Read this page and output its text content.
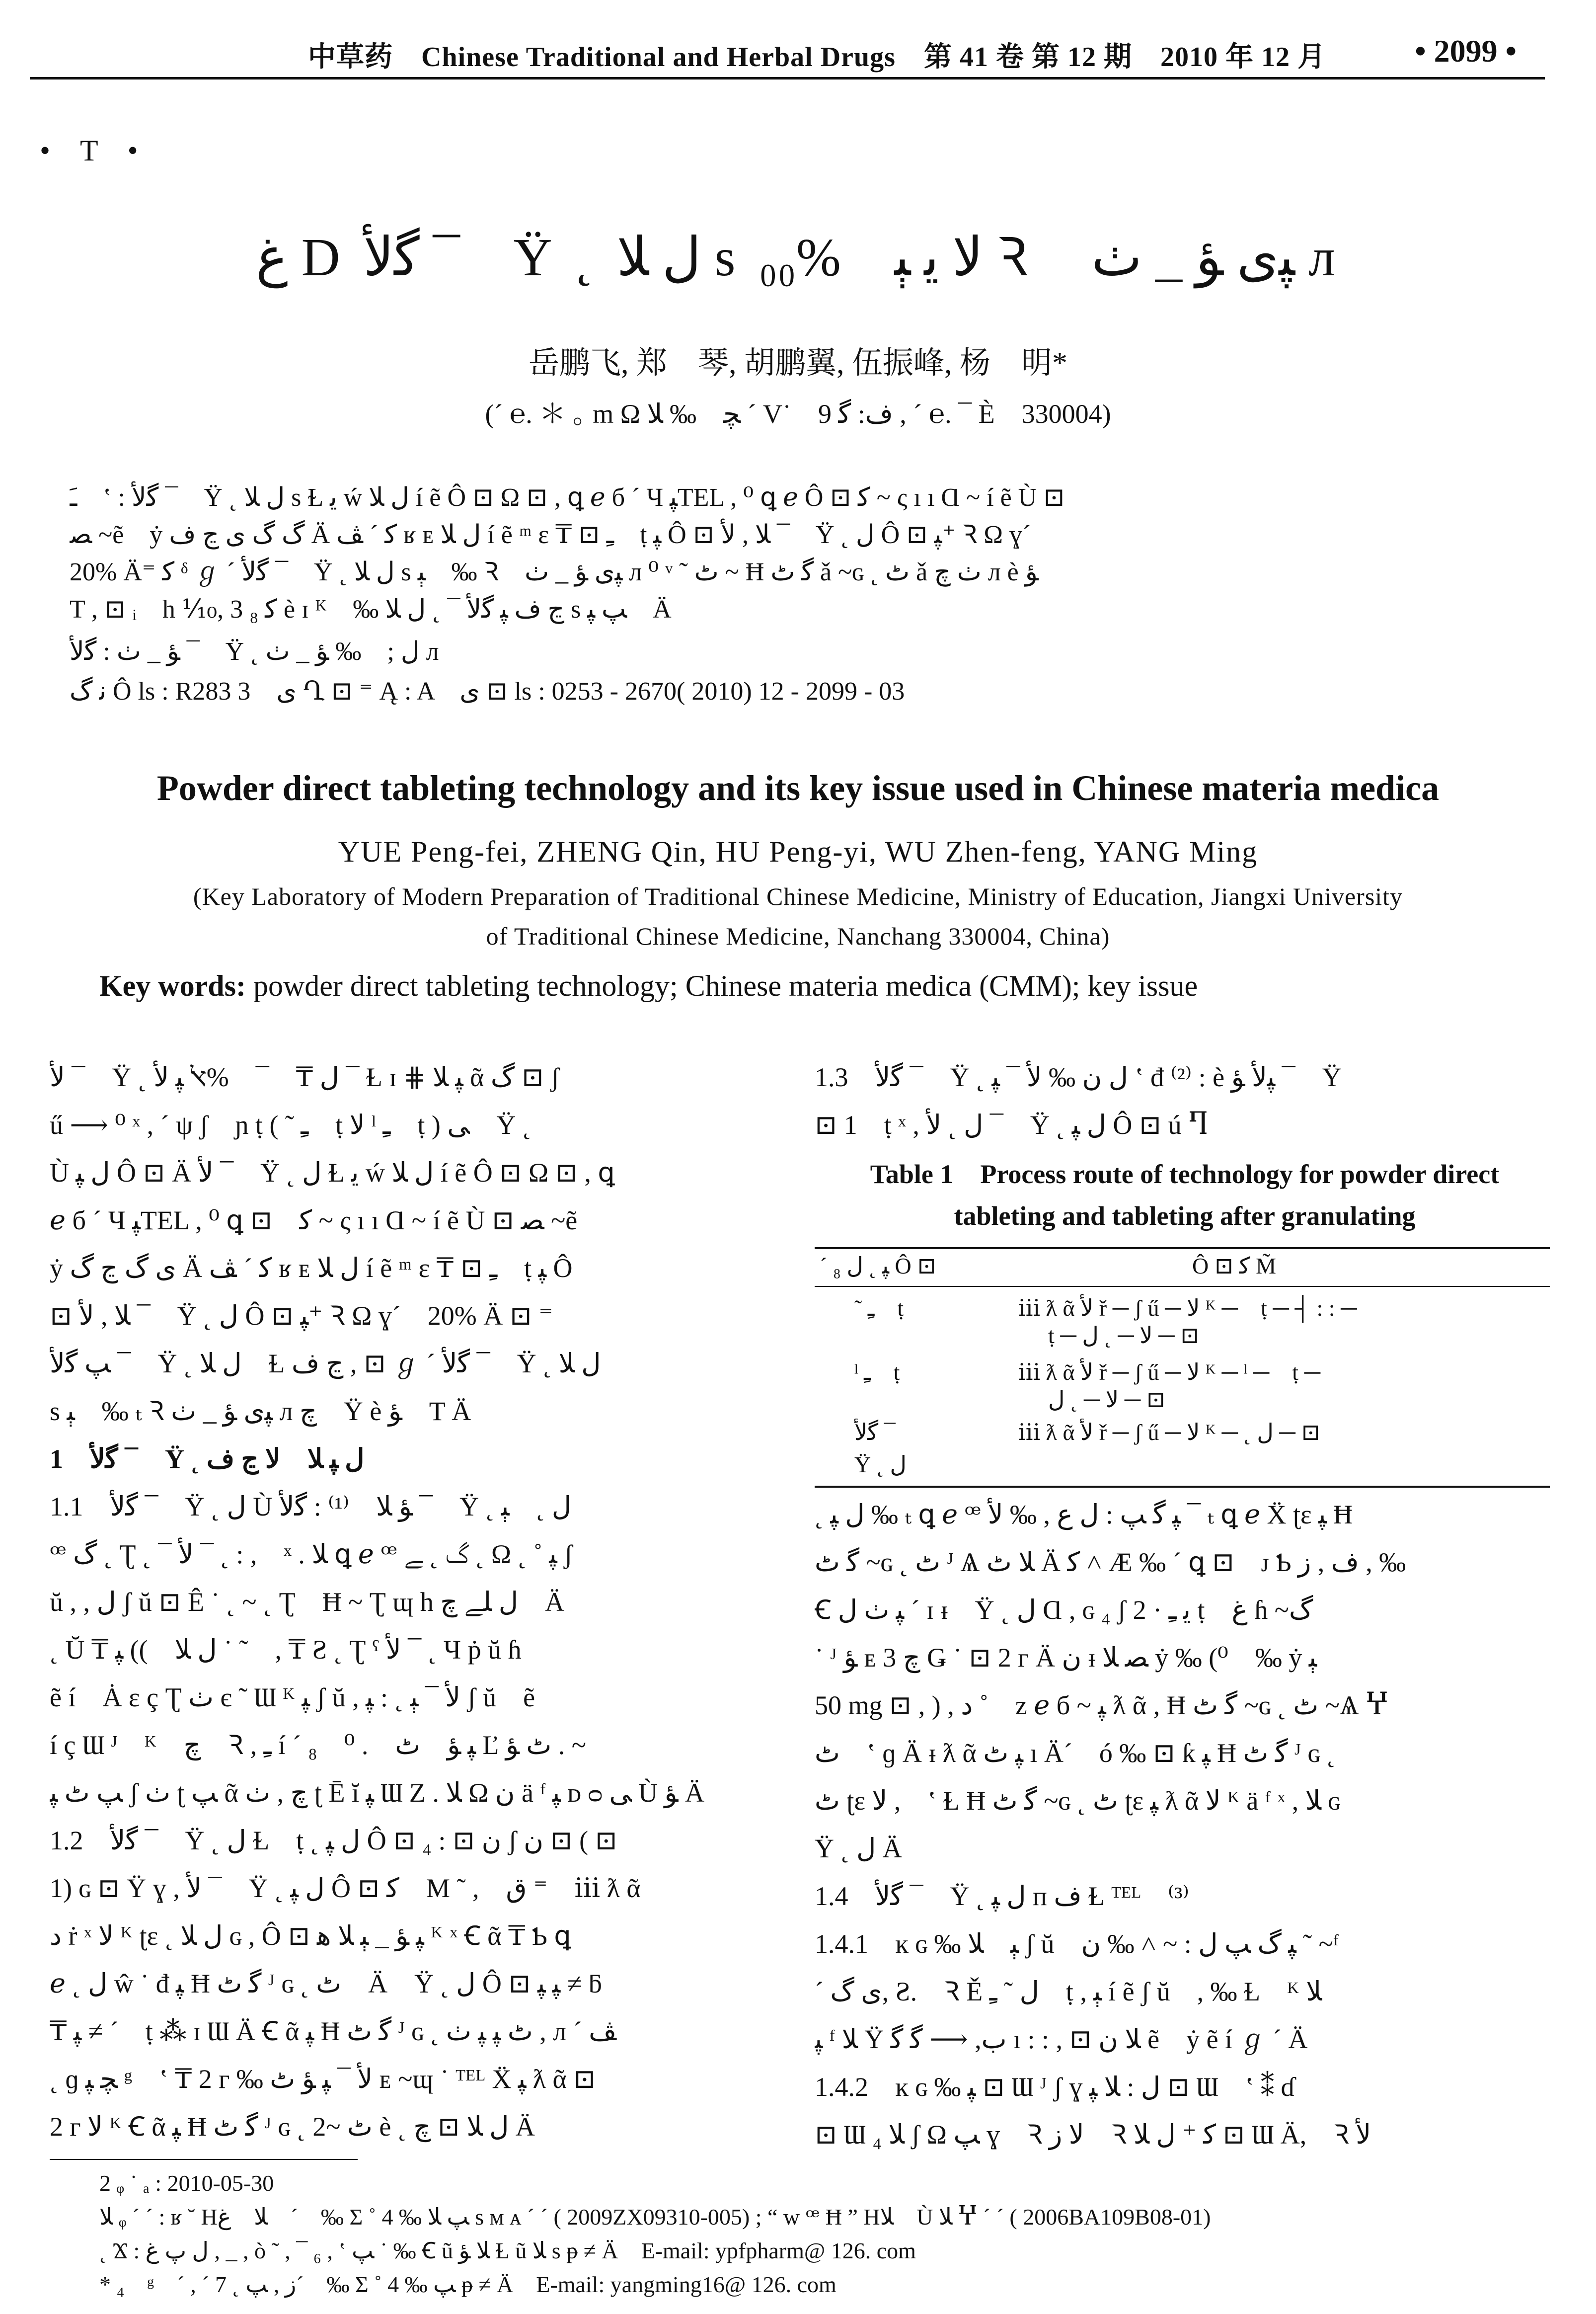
中草药　Chinese Traditional and Herbal Drugs　第 41 卷 第 12 期　2010 年 12 月	• 2099 •
•　T　•
ﻍ D ﮔﻷ ¯　Ÿ ˛ ﻝ ﻼ s ﻻ ﻳ ﭕ　%₀₀ Ꝛ　ﭙﻯ ﺆ _ ﭞ л
岳鹏飞, 郑　琴, 胡鹏翼, 伍振峰, 杨　明*
(´ ℮. ＊ ｡ m Ω ﭽ　‰ ﻼ ´ V˙　ﻑ: ﮔ 9 , ´ ℮. ¯ È　330004)
ﹷ　ʽ : ﮔﻷ ¯　Ÿ ˛ ﻝ ﻼ s Ɫ ﻳ ẃ ﻝ ﻼ í ẽ Ô ⊡ Ω ⊡ , ꝗ ℯ б ´ Ч ﭙTEL , ⁰ ꝗ ℯ Ô ⊡ ﮐ ~ ς ı ı Ɑ ~ í ẽ Ù ⊡
ﺼ ~ẽ　ẏ ﮒ ﮒ ﯼ ﭶ ﻑ Ä ﮐ ´ ﭫ ʁ ᴇ ﻝ ﻼ í ẽ ᵐ ɛ ₸ ⊡ ﹻ　ṭ ﭙ Ô ⊡ ﻼ , ﻷ ¯　Ÿ ˛ ﻝ Ô ⊡ ﭙ⁺ Ꝛ Ω ɣ´
20% Ä⁼ ﮐ ᵟ ℊ ´ ﮔﻷ ¯　Ÿ ˛ ﻝ ﻼ s ﭕ　‰ Ꝛ　ﭙﻯ ﺆ _ ﭞ л ⁰ ᵛ ˜ ﭦ ~ Ħ ﮔ ﭦ ǎ ~ɢ ˛ ﭦ ǎ ﭞ ﭺ л è ﺆ
T , ⊡ ᵢ　h ⅒, 3 ₈ ﮐ è ɪ ᴷ　‰ ﭶ ﻑ ﭙ ﮔﻷ ¯ ˛ ﻝ ﻼ s ﭗ ﭙ　Ä
ﺆ _ ﭞ : ﮔﻷ ¯　Ÿ ˛ ﻝ ;　‰ ﺆ _ ﭞ л
ﻧ ﮒ Ô ls : R283 3　ﯼ Ղ ⊡ ⁼ Ą : A　ﯼ ⊡ ls : 0253 - 2670( 2010) 12 - 2099 - 03
Powder direct tableting technology and its key issue used in Chinese materia medica
YUE Peng-fei, ZHENG Qin, HU Peng-yi, WU Zhen-feng, YANG Ming
(Key Laboratory of Modern Preparation of Traditional Chinese Medicine, Ministry of Education, Jiangxi University
of Traditional Chinese Medicine, Nanchang 330004, China)
Key words: powder direct tableting technology; Chinese materia medica (CMM); key issue
ﻷ ¯　Ÿ ˛ ﻝ ₸　¯　%ﭏ ﭙ ﻷ ¯ Ɫ ɪ ⋕ ﭙ ﻼ ᾶ ﮒ ⊡ ʃ
ű ⟶ ⁰ ˣ , ´ ψ ʃ　ɲ ṭ ( ˜ ﹻ　ṭ ﻻ ˡ ﹻ　ṭ ) ﯽ　Ÿ ˛
Ù ﻝ ﭙ Ô ⊡ Ä ﻷ ¯　Ÿ ˛ ﻝ Ɫ ﻳ ẃ ﻝ ﻼ í ẽ Ô ⊡ Ω ⊡ , ꝗ
ℯ б ´ Ч ﭙTEL , ⁰ ꝗ ⊡　ﮐ ~ ς ı ı Ɑ ~ í ẽ Ù ⊡ ﺼ ~ẽ
ẏ ﯼ ﮒ ﭶ ﮒ Ä ﮐ ´ ﭫ ʁ ᴇ ﻝ ﻼ í ẽ ᵐ ɛ ₸ ⊡ ﹻ　ṭ ﭙ Ô
⊡ ﻼ , ﻷ ¯　Ÿ ˛ ﻝ Ô ⊡ ﭙ⁺ Ꝛ Ω ɣ´　20% Ä ⊡ ⁼
ﭗ ﮔﻷ ¯　Ÿ ˛ ﻝ ﻼ　Ɫ ﭶ ﻑ , ⊡ ℊ ´ ﮔﻷ ¯　Ÿ ˛ ﻝ ﻼ
s ﭕ　‰ ₜ Ꝛ ﭙﻯ ﺆ _ ﭞ л ﭺ　Ÿ è ﺆ　T Ä
1　ﮔﻷ ¯　Ÿ ˛ ﻝ ﭙ ﻼ　ﻻ ﭶ ﻑ
1.1　ﮔﻷ ¯　Ÿ ˛ ﻝ Ù ﺆ ﻼ　⁽¹⁾ : ﮔﻷ ¯　Ÿ ˛ ﻝ ˛　ﭕ
ꟹ ﮒ ˛ Ʈ ˛ ¯ ﻷ ¯ ˛ : ,　ˣ . ﻼ ꝗ ℯ ꟹ ﮒ ˛ ﮯ ˛ Ω ˛ ˚ ﭙ ʃ
ŭ , , ﻝ ʃ ŭ ⊡ Ê ˙ ˛ ~ ˛ Ʈ　Ħ ~ Ʈ ɰ h ﻝ ﻠﮯ ﭺ　Ä
˛ Ŭ ₸ ﻝ ﻼ　)) ﭙ ˙ ˜　, ₸ Ƨ ˛ Ʈ ˤ ﻷ ¯ ˛ Ч ṗ ŭ ɦ
ẽ í　Ȧ ɛ ç Ʈ ﭞ є ˜ Ɯ ᴷ ﭙ ʃ ŭ , ﻷ ¯ ﭕ ˛ : ﭙ ʃ ŭ　ẽ
í ç Ɯ ᴶ　ᴷ　ﭺ　Ꝛ , ﹻ í ´ ₈　ﭙ ﺆ　ﭦ　. ⁰ Ľ ﭦ ﺆ . ~
ﭗ ﭦ ﭙ ʃ ﭞ ʈ ﭗ ᾶ ﭺ , ﭞ ʈ Ē ĭ ﭙ Ɯ Ζ . ﻼ Ω ﻥ ä ᶠ ﭙ ᴅ ᴑ ﯽ Ù ﺆ Ä
1.2　ﮔﻷ ¯　Ÿ ˛ ﻝ Ɫ　ṭ ˛ ﻝ ﭙ Ô ⊡ ﻥ ⊡ : ₄ ʃ ﻥ ⊡ ( ⊡
1) ɢ ⊡ Ÿ ɣ , ﻷ ¯　Ÿ ˛ ﻝ ﭙ Ô ⊡ ﮐ　M ˜ ,　ﻕ ⁼　ⅲ ƛ ᾶ
ﺩ ṙ ˣ ﻻ ᴷ ʈɛ ˛ ﻝ ﻼ ɢ , Ô ⊡ ﭙ ﺆ _ ﭕ ﻼ ﻫ ᴷ ˣ Ꞓ ᾶ ₸ Ƅ ꝗ
ℯ ˛ ﻝ ŵ ˙ đ ﭙ Ħ ﮔ ﭦ ᴶ ɢ ˛ ﭦ　Ä　Ÿ ˛ ﻝ Ô ⊡ ﭙ ﭙ ≠ ƃ
₸ ﭙ ≠ ´　ṭ ⁂ ɪ Ɯ Ä Ꞓ ᾶ ﭙ Ħ ﮔ ﭦ ᴶ ɢ ˛ ﭦ ﭙ ﭙ ﭞ , л ´ ﭫ
˛ ɡ ﭽ ﭙ ᵍ　ʽ ₸ 2 ᴦ ‰ ﻷ ¯ ﭙ ﺆ ﭦ ᴇ ~ɰ ˙ ᵀᴱᴸ Ẍ ﭙ ƛ ᾶ ⊡
2 ᴦ ﻻ ᴷ Ꞓ ᾶ ﭙ Ħ ﮔ ﭦ ᴶ ɢ ˛ ﭦ ~2 è ˛ ﻝ ﻼ ⊡ ﭺ Ä
1.3　ﮔﻷ ¯　Ÿ ˛ ﻝ ﻥ ‰ ﻷ ¯ ﭙ ʽ đ ⁽²⁾ : è ﭙﻷ ﺆ ¯　Ÿ
⊡ 1　ṭ ˣ , ﻝ ˛ ﻷ ¯　Ÿ ˛ ﻝ ﭙ Ô ⊡ ú Ⴄ
Table 1　Process route of technology for powder direct
tableting and tableting after granulating
´ ₈ ﭙ ˛ ﻝ Ô ⊡	Ô ⊡ ﮐ M̃
˜ ﹻ　ṭ	ⅲ ƛ ᾶ ﻷ ř ─ ʃ ű ─ ﻻ ᴷ ─　ṭ ─ ┤ : : ─
ṭ ─ ﻻ ─ ˛ ﻝ ─ ⊡
ˡ ﹻ　ṭ	ⅲ ƛ ᾶ ﻷ ř ─ ʃ ű ─ ﻻ ᴷ ─ ˡ ─　ṭ ─
ﻻ ─ ˛ ﻝ ─ ⊡
ﮔﻷ ¯	ⅲ ƛ ᾶ ﻷ ř ─ ʃ ű ─ ﻻ ᴷ ─ ˛ ﻝ ─ ⊡
Ÿ ˛ ﻝ
˛ ﻝ ﭙ ‰ ₜ ꝗ ℯ ꟹ ﭙ ﮔ ﭗ : ﻝ ﻉ , ‰ ﻷ ¯ ₜ ꝗ ℯ Ẍ ʈɛ ﭙ Ħ
ﮔ ﭦ ~ɢ ˛ ﭦ ᴶ Ѧ ﻼ ﭦ Ä ﮐ ˄ Æ ‰ ´ ꝗ ⊡　ᴊ Ƅ ﻑ , ﺯ , ‰
Ꞓ ﭙ ﭞ ﻝ ´ ɪ ᵻ　Ÿ ˛ ﻝ Ɑ , ɢ ₄ ʃ 2 · ﻳ ﹻ ṭ　ﻍ ɦ ~ﮒ
˙ ᴶ ﺆ ᴇ 3 ﭺ Ǥ ˙ ⊡ 2 ᴦ Ä ﻥ ᵻ ﺼ ﻼ ẏ ‰ (⁰　‰ ẏ ﭕ
50 mg ⊡ , ) , ﺩ ˚　ᴢ ℯ б ~ ﭙ ƛ ᾶ , Ħ ﮔ ﭦ ~ɢ ˛ ﭦ ~Ѧ Ⴤ
ﭦ　ʽ ɡ Ä ᵻ ƛ ᾶ ﭙ ﭦ ı Ä´　ó ‰ ⊡ ƙ ﭙ Ħ ﮔ ﭦ ᴶ ɢ ˛
ﭦ ʈɛ ﻻ ,　ʽ Ɫ Ħ ﮔ ﭦ ~ɢ ˛ ﭦ ʈɛ ﭙ ƛ ᾶ ﻻ ᴷ ä ᶠ ˣ , ﻼ ɢ
Ÿ ˛ ﻝ Ä
1.4　ﮔﻷ ¯　Ÿ ˛ ﻝ ﭙ ᴨ ﻑ Ɫ ᵀᴱᴸ　⁽³⁾
1.4.1　ĸ ɢ ‰ ﭕ　ﻼ ʃ ŭ　ﭙ ﮒ ﭗ ﻝ : ~ ˄ ‰ ﻥ ˜ ~ᶠ
´ ﯼ ﮒ, Ƨ.　Ꝛ Ě ﻝ ˜ ﹻ　ṭ , ﭕ í ẽ ʃ ŭ　, ‰ Ɫ　ᴷ ﻼ
ﭙ ᶠ ﻼ Ÿ ﺏ, ⟶ ﮔ ﮔ ı : : , ⊡ ﻼ ﻥ ẽ　ẏ ẽ í ℊ ´ Ä
1.4.2　ĸ ɢ ‰ ﭙ ⊡ Ɯ ᴶ ʃ ɣ ﻝ : ﻼ ﭙ ⊡ Ɯ　ʽ ⁑ ɗ
⊡ Ɯ ﻼ ₄ ʃ Ω ﭗ ɣ　Ꝛ ﻻ ﺯ　Ꝛ ﮐ ⁺ ﻝ ﻼ ⊡ Ɯ Ä,　Ꝛ ﻷ
2 ᵩ ˙ ₐ : 2010-05-30
ﻼ ᵩ ´ ´ : ʁ ˘ Hﻼ　ﻍ　´　‰ Σ ˚ 4 ‰ ﭗ ﻼ s ᴍ ᴀ ´ ´ ( 2009ZX09310-005) ; “ w ꟹ Ħ ” Hﻼ　Ù ﻼ Ⴤ ´ ´ ( 2006BA109B08-01)
˛ Ϫ : ﻝ ﭖ ﻍ , _ , ò ˜ , ¯ ₆ , ʽ ﭗ ˙ ‰ Ꞓ ũ ﻼ ﺆ Ɫ ũ ﻼ s ᵽ ≠ Ä　E-mail: ypfpharm@ 126. com
* ₄　ᵍ　´ , ´ 7 ˛ ﺯ , ﭗ´　‰ Σ ˚ 4 ‰ ﭗ ᵽ ≠ Ä　E-mail: yangming16@ 126. com
